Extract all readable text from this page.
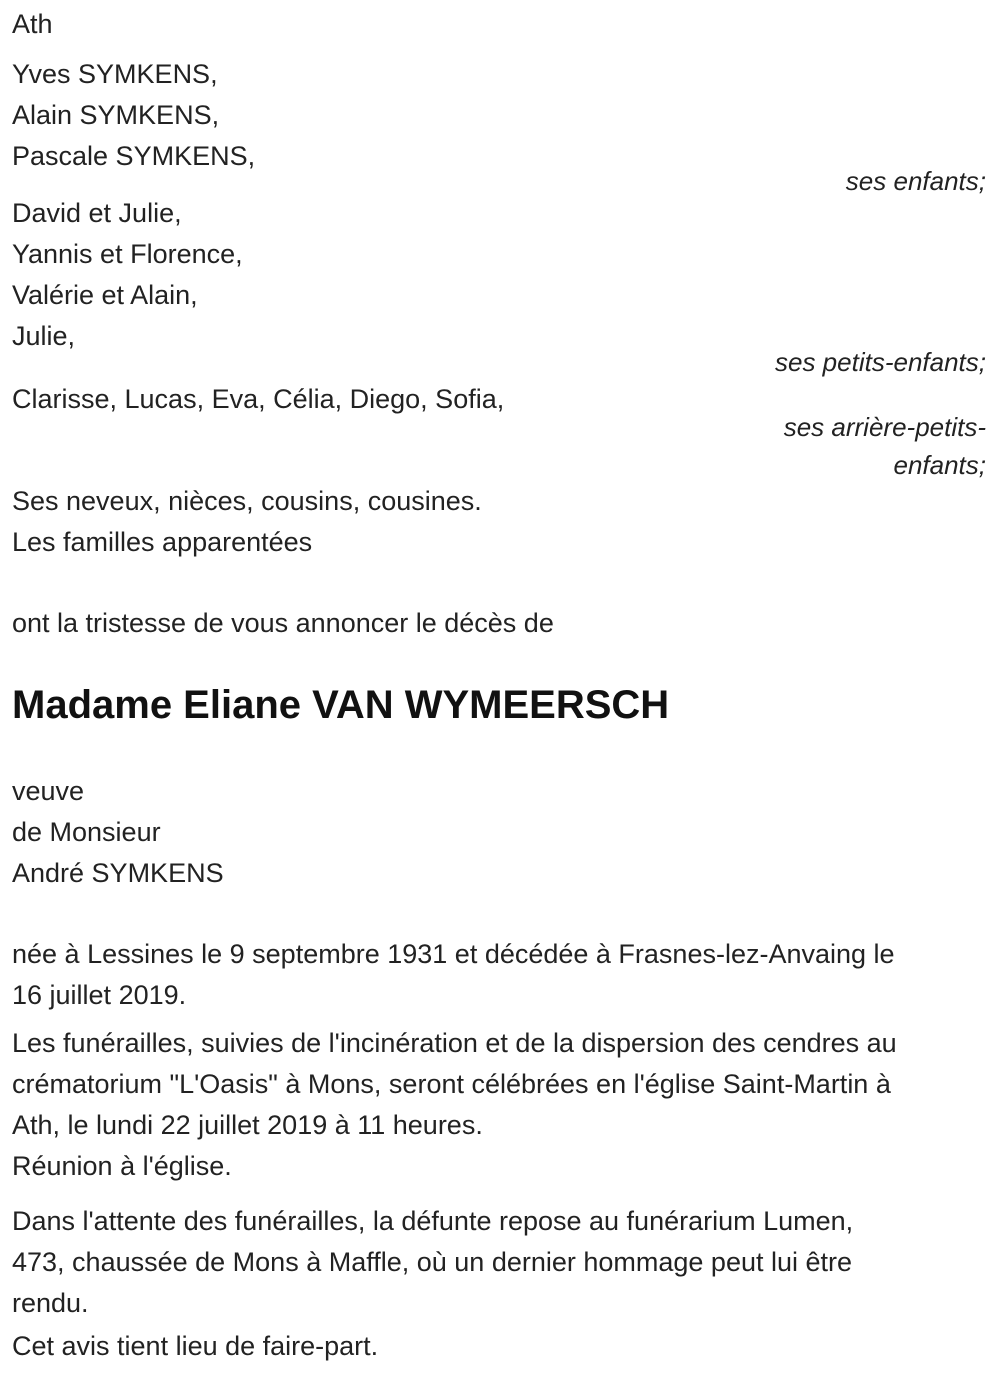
Ath

Yves SYMKENS,
Alain SYMKENS,
Pascale SYMKENS,

ses enfants;

David et Julie,
Yannis et Florence,
Valérie et Alain,
Julie,

ses petits-enfants;

Clarisse, Lucas, Eva, Célia, Diego, Sofia,

ses arrière-petits-
enfants;

Ses neveux, nièces, cousins, cousines.
Les familles apparentées

ont la tristesse de vous annoncer le décès de

Madame Eliane VAN WYMEERSCH

veuve
de Monsieur
André SYMKENS

née à Lessines le 9 septembre 1931 et décédée à Frasnes-lez-Anvaing le
16 juillet 2019.

Les funérailles, suivies de l'incinération et de la dispersion des cendres au
crématorium "L'Oasis" à Mons, seront célébrées en l'église Saint-Martin à
Ath, le lundi 22 juillet 2019 à 11 heures.

Réunion à l'église.

Dans l'attente des funérailles, la défunte repose au funérarium Lumen,
473, chaussée de Mons à Maffle, où un dernier hommage peut lui être
rendu.

Cet avis tient lieu de faire-part.
